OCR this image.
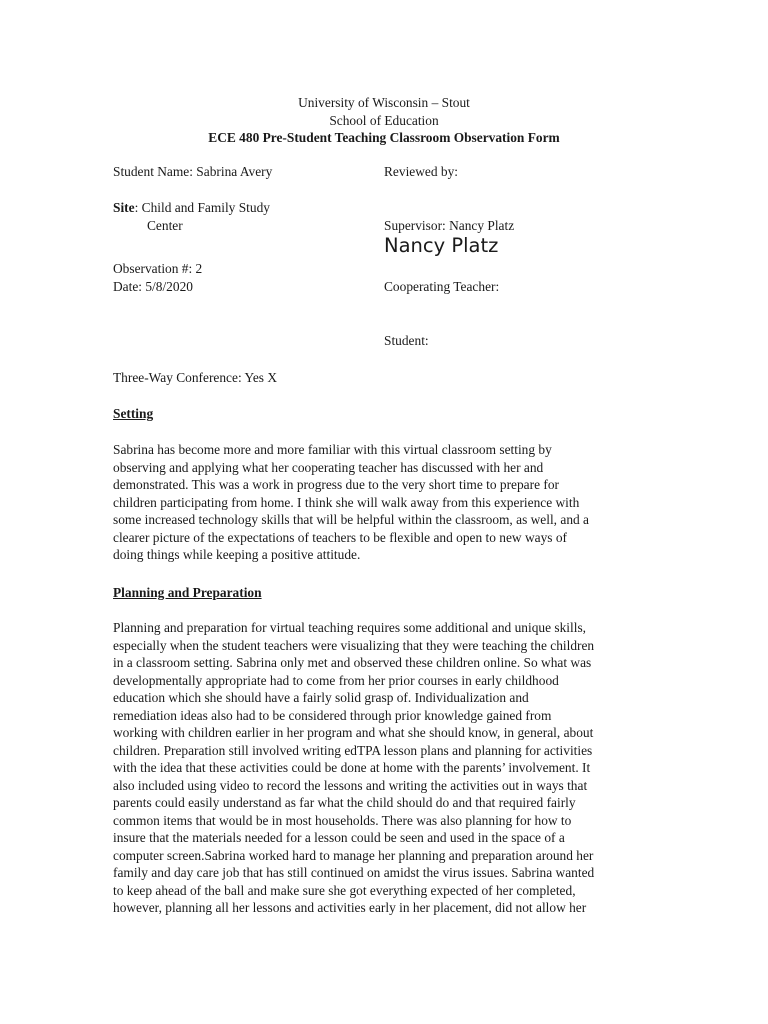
University of Wisconsin – Stout
School of Education
ECE 480 Pre-Student Teaching Classroom Observation Form
Student Name: Sabrina Avery
Site: Child and Family Study
Center
Observation #: 2
Date: 5/8/2020
Reviewed by:
Supervisor: Nancy Platz
Nancy Platz
Cooperating Teacher:
Student:
Three-Way Conference: Yes X
Setting
Sabrina has become more and more familiar with this virtual classroom setting by
observing and applying what her cooperating teacher has discussed with her and
demonstrated. This was a work in progress due to the very short time to prepare for
children participating from home. I think she will walk away from this experience with
some increased technology skills that will be helpful within the classroom, as well, and a
clearer picture of the expectations of teachers to be flexible and open to new ways of
doing things while keeping a positive attitude.
Planning and Preparation
Planning and preparation for virtual teaching requires some additional and unique skills,
especially when the student teachers were visualizing that they were teaching the children
in a classroom setting. Sabrina only met and observed these children online. So what was
developmentally appropriate had to come from her prior courses in early childhood
education which she should have a fairly solid grasp of. Individualization and
remediation ideas also had to be considered through prior knowledge gained from
working with children earlier in her program and what she should know, in general, about
children. Preparation still involved writing edTPA lesson plans and planning for activities
with the idea that these activities could be done at home with the parents’ involvement. It
also included using video to record the lessons and writing the activities out in ways that
parents could easily understand as far what the child should do and that required fairly
common items that would be in most households. There was also planning for how to
insure that the materials needed for a lesson could be seen and used in the space of a
computer screen.Sabrina worked hard to manage her planning and preparation around her
family and day care job that has still continued on amidst the virus issues. Sabrina wanted
to keep ahead of the ball and make sure she got everything expected of her completed,
however, planning all her lessons and activities early in her placement, did not allow her
